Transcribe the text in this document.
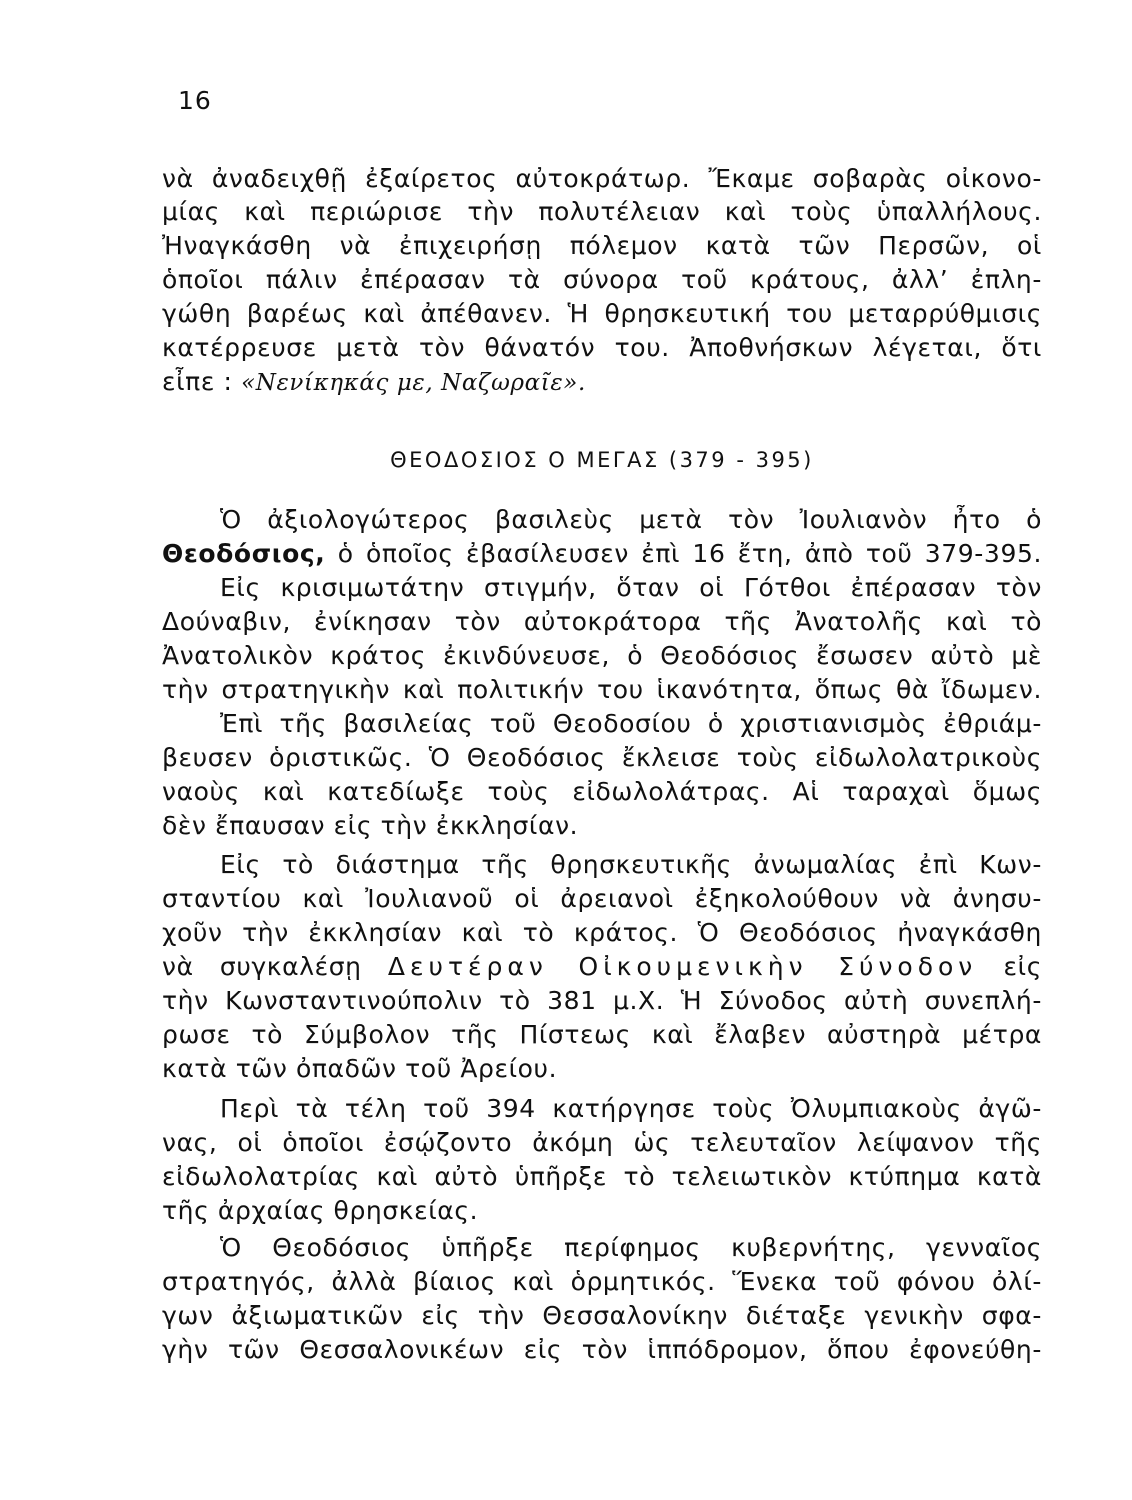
16
νὰ ἀναδειχθῇ ἐξαίρετος αὐτοκράτωρ. Ἔκαμε σοβαρὰς οἰκονο-
μίας καὶ περιώρισε τὴν πολυτέλειαν καὶ τοὺς ὑπαλλήλους.
Ἠναγκάσθη νὰ ἐπιχειρήσῃ πόλεμον κατὰ τῶν Περσῶν, οἱ
ὁποῖοι πάλιν ἐπέρασαν τὰ σύνορα τοῦ κράτους, ἀλλ’ ἐπλη-
γώθη βαρέως καὶ ἀπέθανεν. Ἡ θρησκευτική του μεταρρύθμισις
κατέρρευσε μετὰ τὸν θάνατόν του. Ἀποθνήσκων λέγεται, ὅτι
εἶπε : «Νενίκηκάς με, Ναζωραῖε».
ΘΕΟΔΟΣΙΟΣ Ο ΜΕΓΑΣ (379 - 395)
Ὁ ἀξιολογώτερος βασιλεὺς μετὰ τὸν Ἰουλιανὸν ἦτο ὁ
Θεοδόσιος, ὁ ὁποῖος ἐβασίλευσεν ἐπὶ 16 ἔτη, ἀπὸ τοῦ 379-395.
Εἰς κρισιμωτάτην στιγμήν, ὅταν οἱ Γότθοι ἐπέρασαν τὸν
Δούναβιν, ἐνίκησαν τὸν αὐτοκράτορα τῆς Ἀνατολῆς καὶ τὸ
Ἀνατολικὸν κράτος ἐκινδύνευσε, ὁ Θεοδόσιος ἔσωσεν αὐτὸ μὲ
τὴν στρατηγικὴν καὶ πολιτικήν του ἱκανότητα, ὅπως θὰ ἴδωμεν.
Ἐπὶ τῆς βασιλείας τοῦ Θεοδοσίου ὁ χριστιανισμὸς ἐθριάμ-
βευσεν ὁριστικῶς. Ὁ Θεοδόσιος ἔκλεισε τοὺς εἰδωλολατρικοὺς
ναοὺς καὶ κατεδίωξε τοὺς εἰδωλολάτρας. Αἱ ταραχαὶ ὅμως
δὲν ἔπαυσαν εἰς τὴν ἐκκλησίαν.
Εἰς τὸ διάστημα τῆς θρησκευτικῆς ἀνωμαλίας ἐπὶ Κων-
σταντίου καὶ Ἰουλιανοῦ οἱ ἀρειανοὶ ἐξηκολούθουν νὰ ἀνησυ-
χοῦν τὴν ἐκκλησίαν καὶ τὸ κράτος. Ὁ Θεοδόσιος ἠναγκάσθη
νὰ συγκαλέσῃ Δευτέραν Οἰκουμενικὴν Σύνοδον εἰς
τὴν Κωνσταντινούπολιν τὸ 381 μ.Χ. Ἡ Σύνοδος αὐτὴ συνεπλή-
ρωσε τὸ Σύμβολον τῆς Πίστεως καὶ ἔλαβεν αὐστηρὰ μέτρα
κατὰ τῶν ὀπαδῶν τοῦ Ἀρείου.
Περὶ τὰ τέλη τοῦ 394 κατήργησε τοὺς Ὀλυμπιακοὺς ἀγῶ-
νας, οἱ ὁποῖοι ἐσῴζοντο ἀκόμη ὡς τελευταῖον λείψανον τῆς
εἰδωλολατρίας καὶ αὐτὸ ὑπῆρξε τὸ τελειωτικὸν κτύπημα κατὰ
τῆς ἀρχαίας θρησκείας.
Ὁ Θεοδόσιος ὑπῆρξε περίφημος κυβερνήτης, γενναῖος
στρατηγός, ἀλλὰ βίαιος καὶ ὁρμητικός. Ἕνεκα τοῦ φόνου ὀλί-
γων ἀξιωματικῶν εἰς τὴν Θεσσαλονίκην διέταξε γενικὴν σφα-
γὴν τῶν Θεσσαλονικέων εἰς τὸν ἱππόδρομον, ὅπου ἐφονεύθη-
